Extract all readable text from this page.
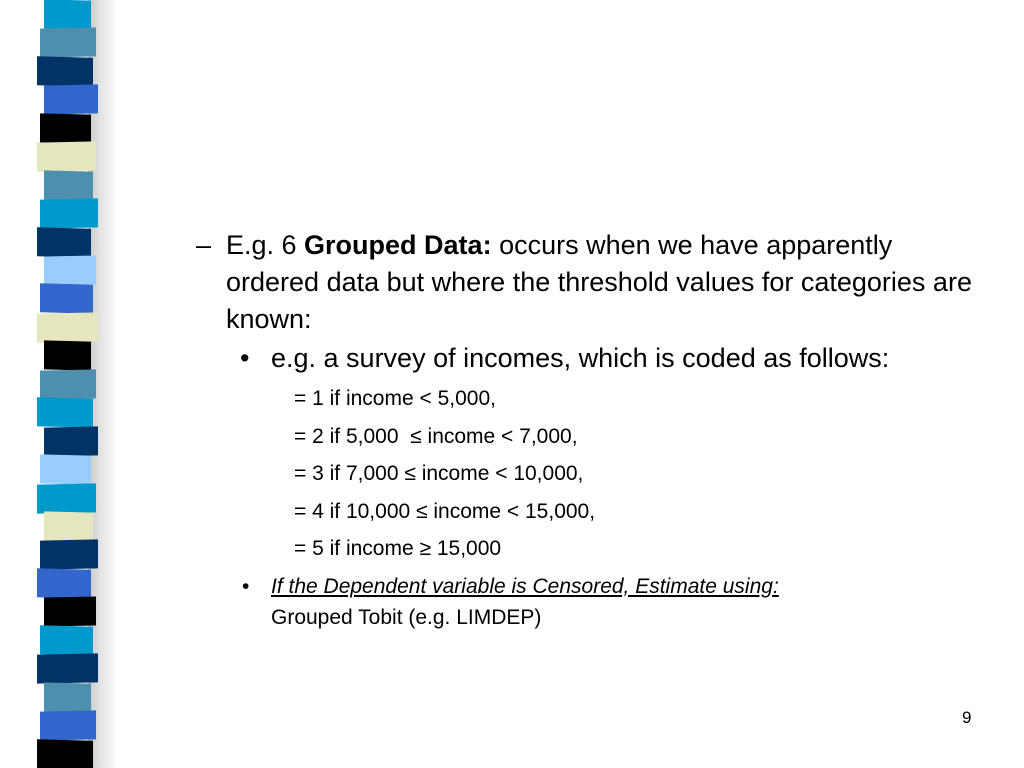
– E.g. 6 Grouped Data: occurs when we have apparently ordered data but where the threshold values for categories are known:
• e.g. a survey of incomes, which is coded as follows:
= 1 if income < 5,000,
= 2 if 5,000  ≤ income < 7,000,
= 3 if 7,000 ≤ income < 10,000,
= 4 if 10,000 ≤ income < 15,000,
= 5 if income ≥ 15,000
• If the Dependent variable is Censored, Estimate using:
Grouped Tobit (e.g. LIMDEP)
9
